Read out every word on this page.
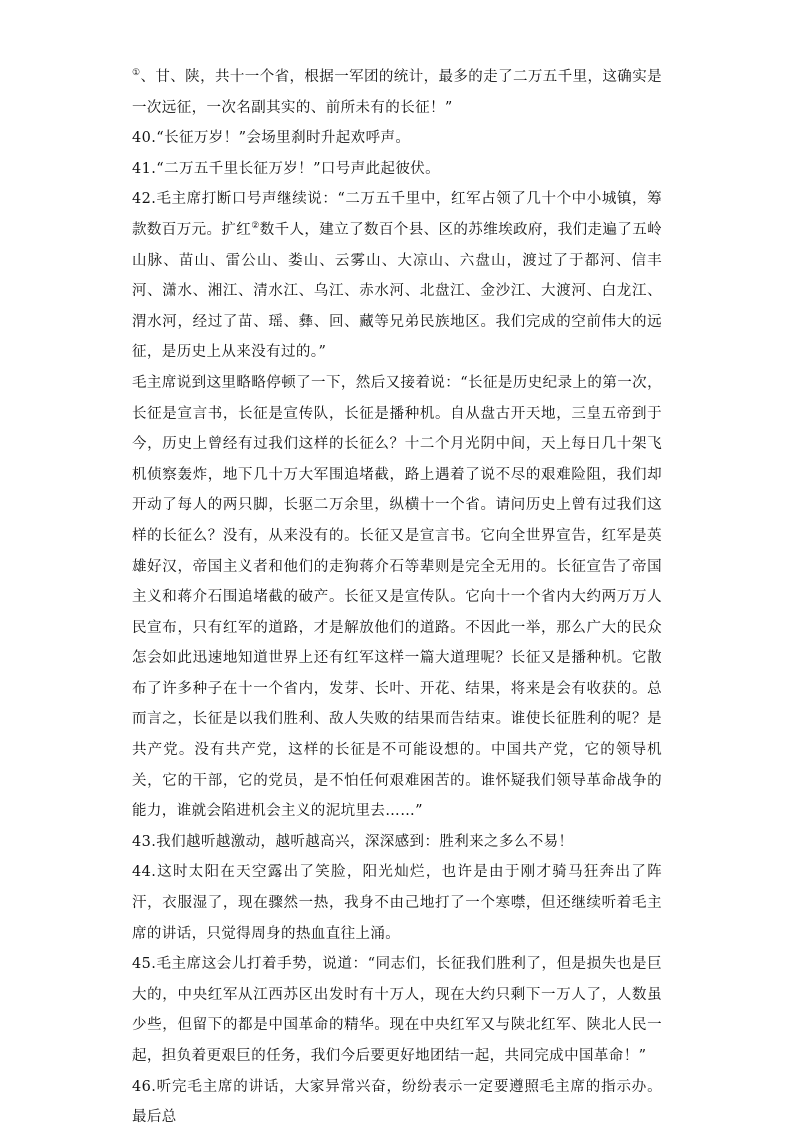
①、甘、陕，共十一个省，根据一军团的统计，最多的走了二万五千里，这确实是一次远征，一次名副其实的、前所未有的长征！”

40.“长征万岁！”会场里刹时升起欢呼声。

41.“二万五千里长征万岁！”口号声此起彼伏。

42.毛主席打断口号声继续说：“二万五千里中，红军占领了几十个中小城镇，筹款数百万元。扩红②数千人，建立了数百个县、区的苏维埃政府，我们走遍了五岭山脉、苗山、雷公山、娄山、云雾山、大凉山、六盘山，渡过了于都河、信丰河、潇水、湘江、清水江、乌江、赤水河、北盘江、金沙江、大渡河、白龙江、渭水河，经过了苗、瑶、彝、回、藏等兄弟民族地区。我们完成的空前伟大的远征，是历史上从来没有过的。”

毛主席说到这里略略停顿了一下，然后又接着说：“长征是历史纪录上的第一次，长征是宣言书，长征是宣传队，长征是播种机。自从盘古开天地，三皇五帝到于今，历史上曾经有过我们这样的长征么？十二个月光阴中间，天上每日几十架飞机侦察轰炸，地下几十万大军围追堵截，路上遇着了说不尽的艰难险阻，我们却开动了每人的两只脚，长驱二万余里，纵横十一个省。请问历史上曾有过我们这样的长征么？没有，从来没有的。长征又是宣言书。它向全世界宣告，红军是英雄好汉，帝国主义者和他们的走狗蒋介石等辈则是完全无用的。长征宣告了帝国主义和蒋介石围追堵截的破产。长征又是宣传队。它向十一个省内大约两万万人民宣布，只有红军的道路，才是解放他们的道路。不因此一举，那么广大的民众怎会如此迅速地知道世界上还有红军这样一篇大道理呢？长征又是播种机。它散布了许多种子在十一个省内，发芽、长叶、开花、结果，将来是会有收获的。总而言之，长征是以我们胜利、敌人失败的结果而告结束。谁使长征胜利的呢？是共产党。没有共产党，这样的长征是不可能设想的。中国共产党，它的领导机关，它的干部，它的党员，是不怕任何艰难困苦的。谁怀疑我们领导革命战争的能力，谁就会陷进机会主义的泥坑里去……”

43.我们越听越激动，越听越高兴，深深感到：胜利来之多么不易！

44.这时太阳在天空露出了笑脸，阳光灿烂，也许是由于刚才骑马狂奔出了阵汗，衣服湿了，现在骤然一热，我身不由己地打了一个寒噤，但还继续听着毛主席的讲话，只觉得周身的热血直往上涌。

45.毛主席这会儿打着手势，说道：“同志们，长征我们胜利了，但是损失也是巨大的，中央红军从江西苏区出发时有十万人，现在大约只剩下一万人了，人数虽少些，但留下的都是中国革命的精华。现在中央红军又与陕北红军、陕北人民一起，担负着更艰巨的任务，我们今后要更好地团结一起，共同完成中国革命！”

46.听完毛主席的讲话，大家异常兴奋，纷纷表示一定要遵照毛主席的指示办。最后总
